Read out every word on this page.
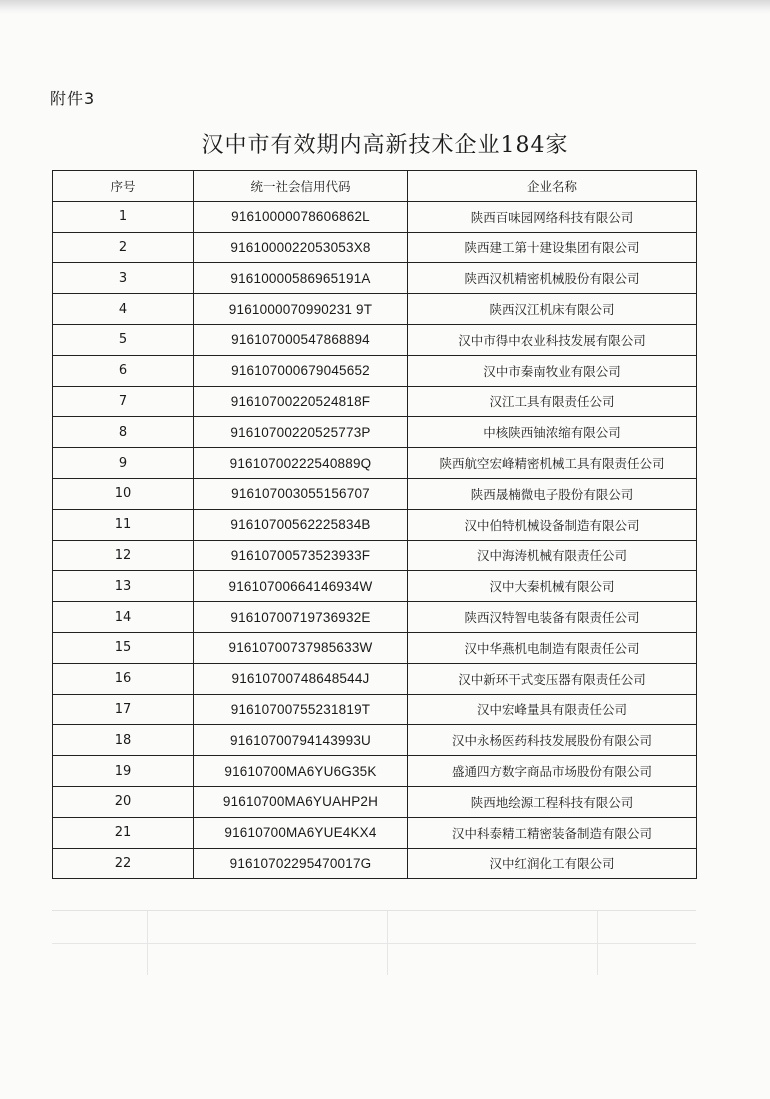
附件3
汉中市有效期内高新技术企业184家
序号	统一社会信用代码	企业名称
1	91610000078606862L	陕西百味园网络科技有限公司
2	9161000022053053X8	陕西建工第十建设集团有限公司
3	91610000586965191A	陕西汉机精密机械股份有限公司
4	9161000070990231 9T	陕西汉江机床有限公司
5	916107000547868894	汉中市得中农业科技发展有限公司
6	916107000679045652	汉中市秦南牧业有限公司
7	91610700220524818F	汉江工具有限责任公司
8	91610700220525773P	中核陕西铀浓缩有限公司
9	91610700222540889Q	陕西航空宏峰精密机械工具有限责任公司
10	916107003055156707	陕西晟楠微电子股份有限公司
11	91610700562225834B	汉中伯特机械设备制造有限公司
12	91610700573523933F	汉中海涛机械有限责任公司
13	91610700664146934W	汉中大秦机械有限公司
14	91610700719736932E	陕西汉特智电装备有限责任公司
15	91610700737985633W	汉中华燕机电制造有限责任公司
16	91610700748648544J	汉中新环干式变压器有限责任公司
17	91610700755231819T	汉中宏峰量具有限责任公司
18	91610700794143993U	汉中永杨医药科技发展股份有限公司
19	91610700MA6YU6G35K	盛通四方数字商品市场股份有限公司
20	91610700MA6YUAHP2H	陕西地绘源工程科技有限公司
21	91610700MA6YUE4KX4	汉中科泰精工精密装备制造有限公司
22	91610702295470017G	汉中红润化工有限公司
